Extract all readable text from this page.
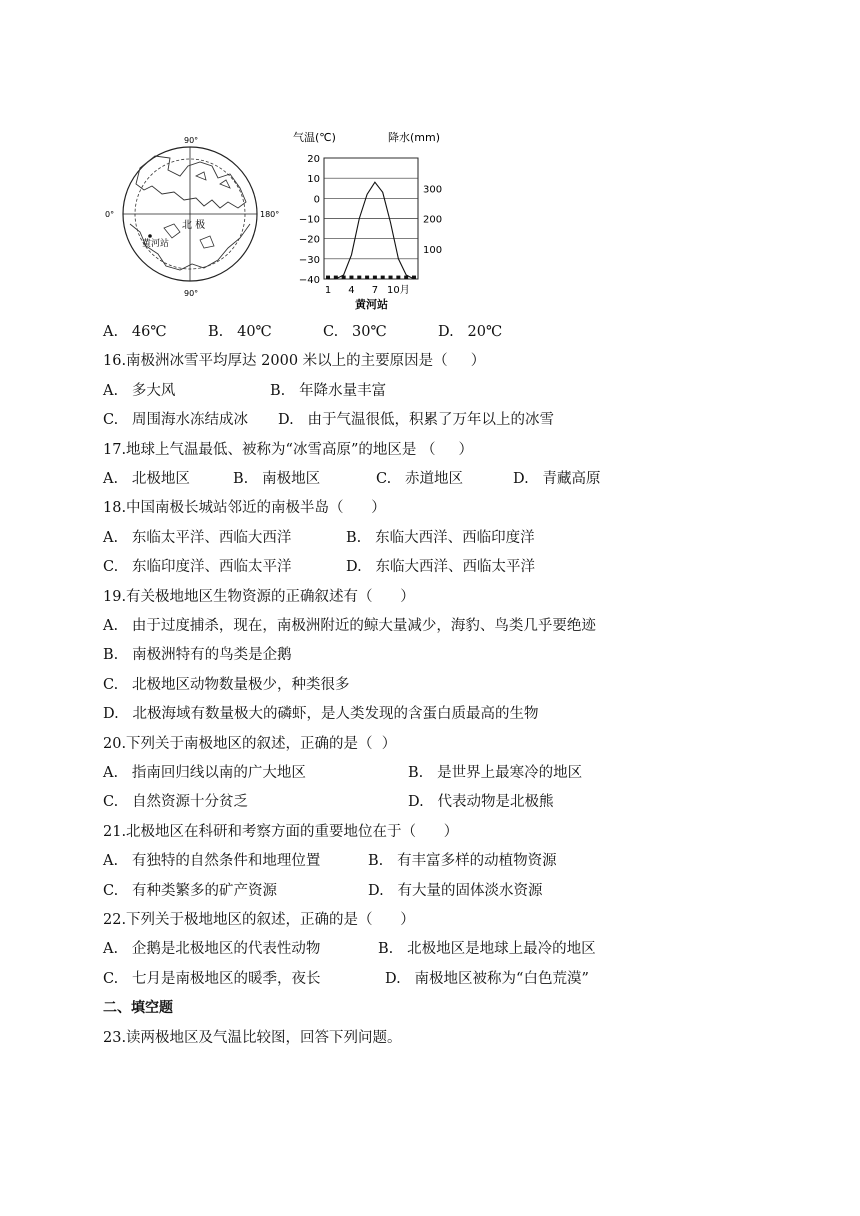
90°
0°	180°
90°
北 极
黄河站
气温(℃)	降水(mm)
黄河站
20
10
0
−10
−20
−30
−40
300
200
100
1 4 7 10月
A.   46℃	B.   40℃	C.   30℃	D.   20℃
16.南极洲冰雪平均厚达 2000 米以上的主要原因是（     ）
A.   多大风	B.   年降水量丰富
C.   周围海水冻结成冰 D.   由于气温很低，积累了万年以上的冰雪
17.地球上气温最低、被称为“冰雪高原”的地区是 （     ）
A.   北极地区	B.   南极地区	C.   赤道地区	D.   青藏高原
18.中国南极长城站邻近的南极半岛（      ）
A.   东临太平洋、西临大西洋	B.   东临大西洋、西临印度洋
C.   东临印度洋、西临太平洋	D.   东临大西洋、西临太平洋
19.有关极地地区生物资源的正确叙述有（      ）
A.   由于过度捕杀，现在，南极洲附近的鲸大量减少，海豹、鸟类几乎要绝迹
B.   南极洲特有的鸟类是企鹅
C.   北极地区动物数量极少，种类很多
D.   北极海域有数量极大的磷虾，是人类发现的含蛋白质最高的生物
20.下列关于南极地区的叙述，正确的是（  ）
A.   指南回归线以南的广大地区	B.   是世界上最寒冷的地区
C.   自然资源十分贫乏	D.   代表动物是北极熊
21.北极地区在科研和考察方面的重要地位在于（      ）
A.   有独特的自然条件和地理位置	B.   有丰富多样的动植物资源
C.   有种类繁多的矿产资源	D.   有大量的固体淡水资源
22.下列关于极地地区的叙述，正确的是（      ）
A.   企鹅是北极地区的代表性动物	B.   北极地区是地球上最冷的地区
C.   七月是南极地区的暖季，夜长	D.   南极地区被称为“白色荒漠”
二、填空题
23.读两极地区及气温比较图，回答下列问题。
